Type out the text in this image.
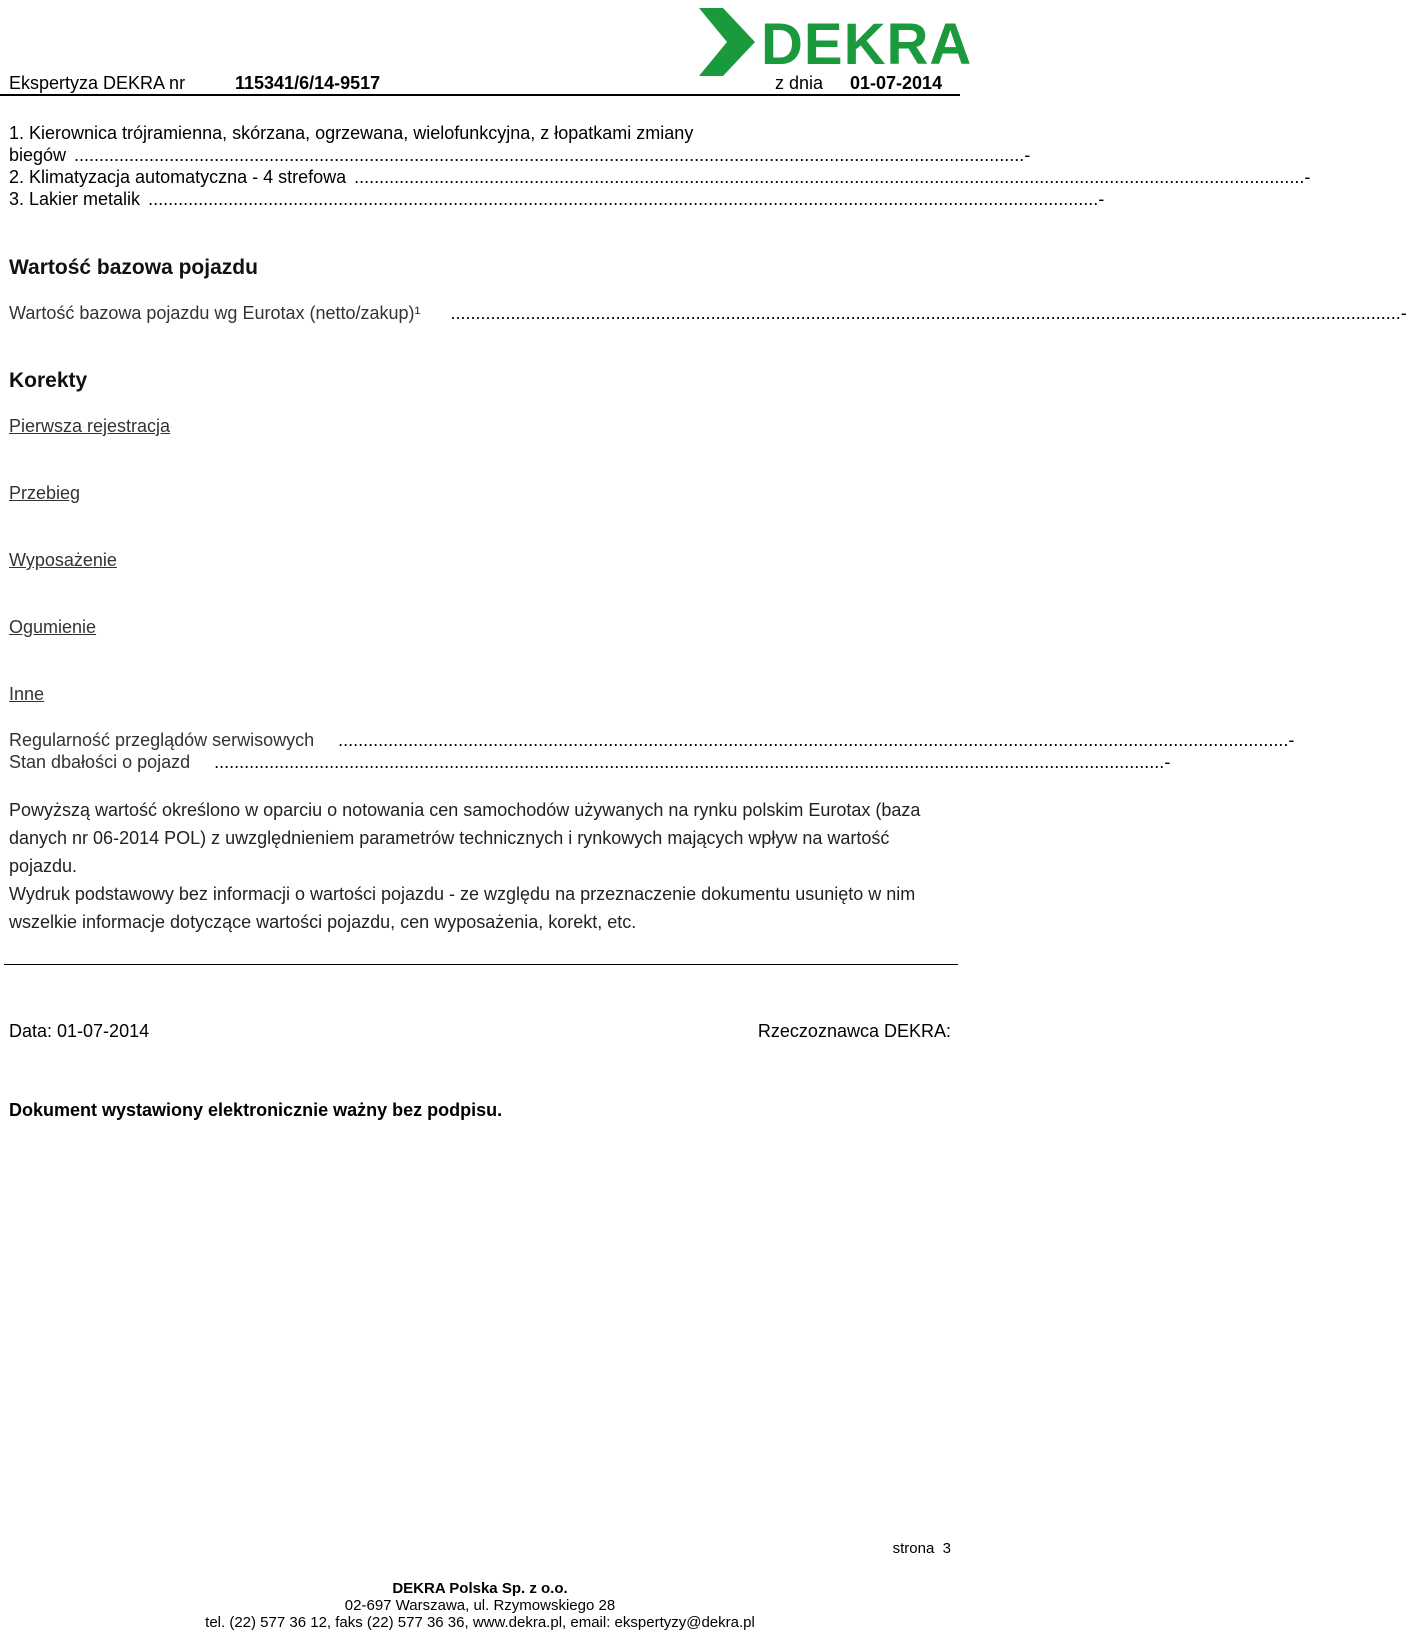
DEKRA
Ekspertyza DEKRA nr	115341/6/14-9517	z dnia 01-07-2014
1. Kierownica trójramienna, skórzana, ogrzewana, wielofunkcyjna, z łopatkami zmiany
biegów .............................................................................................................................................................................................. -
2. Klimatyzacja automatyczna - 4 strefowa .............................................................................................................................................................................................. -
3. Lakier metalik .............................................................................................................................................................................................. -
Wartość bazowa pojazdu
Wartość bazowa pojazdu wg Eurotax (netto/zakup)¹ .............................................................................................................................................................................................. -
Korekty
Pierwsza rejestracja
Przebieg
Wyposażenie
Ogumienie
Inne
Regularność przeglądów serwisowych .............................................................................................................................................................................................. -
Stan dbałości o pojazd .............................................................................................................................................................................................. -
Powyższą wartość określono w oparciu o notowania cen samochodów używanych na rynku polskim Eurotax (baza danych nr 06-2014 POL) z uwzględnieniem parametrów technicznych i rynkowych mających wpływ na wartość pojazdu.
Wydruk podstawowy bez informacji o wartości pojazdu - ze względu na przeznaczenie dokumentu usunięto w nim wszelkie informacje dotyczące wartości pojazdu, cen wyposażenia, korekt, etc.
Data: 01-07-2014	Rzeczoznawca DEKRA:
Dokument wystawiony elektronicznie ważny bez podpisu.
strona 3
DEKRA Polska Sp. z o.o.
02-697 Warszawa, ul. Rzymowskiego 28
tel. (22) 577 36 12, faks (22) 577 36 36, www.dekra.pl, email: ekspertyzy@dekra.pl
